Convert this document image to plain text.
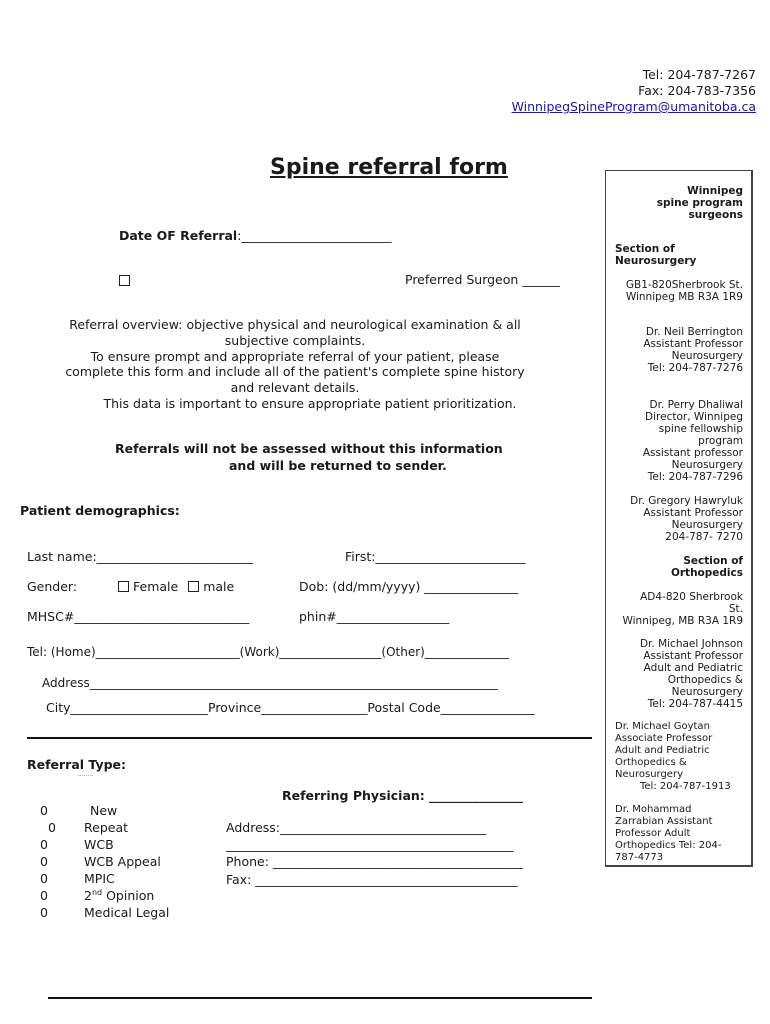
Tel: 204-787-7267
Fax: 204-783-7356
WinnipegSpineProgram@umanitoba.ca
Spine referral form
Date OF Referral:________________________
Preferred Surgeon ______
Referral overview: objective physical and neurological examination & all
subjective complaints.
To ensure prompt and appropriate referral of your patient, please
complete this form and include all of the patient's complete spine history
and relevant details.
This data is important to ensure appropriate patient prioritization.
Referrals will not be assessed without this information
and will be returned to sender.
Patient demographics:
Last name:_________________________	First:________________________
Gender:	Female male	Dob: (dd/mm/yyyy) _______________
MHSC#____________________________	phin#__________________
Tel: (Home)________________________(Work)_________________(Other)______________
Address____________________________________________________________________
City______________________Province_________________Postal Code_______________
Referral Type:
........
0	New
0 Repeat
0	WCB
0	WCB Appeal
0	MPIC
0	2nd Opinion
0	Medical Legal
Referring Physician: _______________
Address:_________________________________
______________________________________________
Phone: ________________________________________
Fax: __________________________________________
Winnipeg
spine program
surgeons
Section of
Neurosurgery
GB1-820Sherbrook St.
Winnipeg MB R3A 1R9
Dr. Neil Berrington
Assistant Professor
Neurosurgery
Tel: 204-787-7276
Dr. Perry Dhaliwal
Director, Winnipeg
spine fellowship
program
Assistant professor
Neurosurgery
Tel: 204-787-7296
Dr. Gregory Hawryluk
Assistant Professor
Neurosurgery
204-787- 7270
Section of
Orthopedics
AD4-820 Sherbrook
St.
Winnipeg, MB R3A 1R9
Dr. Michael Johnson
Assistant Professor
Adult and Pediatric
Orthopedics &
Neurosurgery
Tel: 204-787-4415
Dr. Michael Goytan
Associate Professor
Adult and Pediatric
Orthopedics &
Neurosurgery
Tel: 204-787-1913
Dr. Mohammad
Zarrabian Assistant
Professor Adult
Orthopedics Tel: 204-
787-4773
